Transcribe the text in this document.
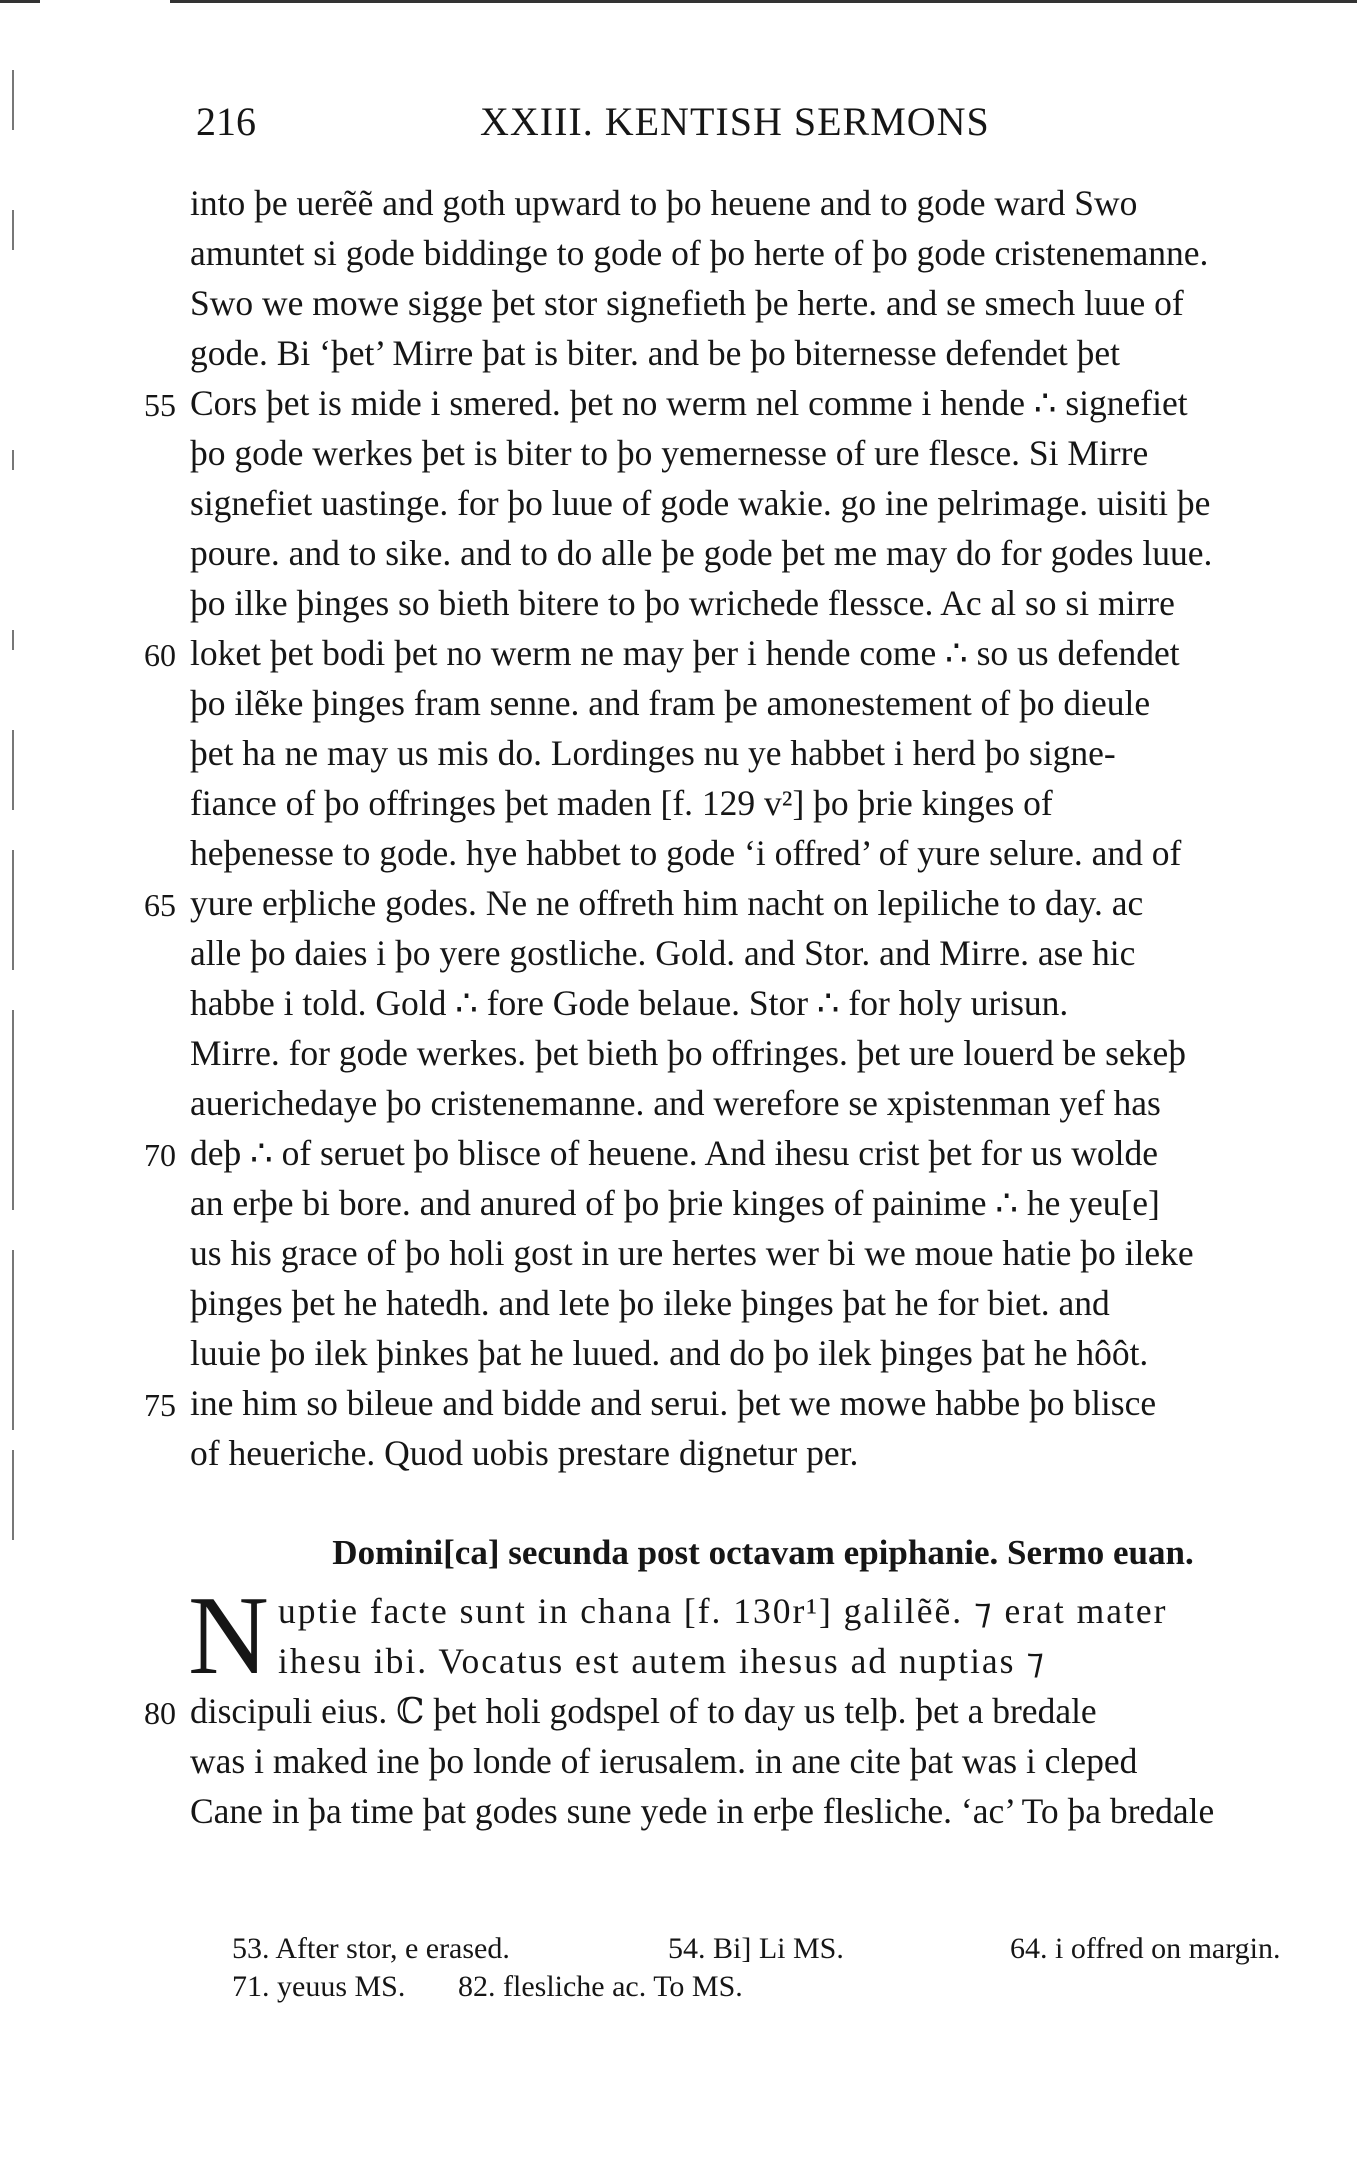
216	XXIII. KENTISH SERMONS
into þe uerẽẽ and goth upward to þo heuene and to gode ward Swo
amuntet si gode biddinge to gode of þo herte of þo gode cristenemanne.
Swo we mowe sigge þet stor signefieth þe herte. and se smech luue of
gode. Bi ‘þet’ Mirre þat is biter. and be þo biternesse defendet þet
55 Cors þet is mide i smered. þet no werm nel comme i hende ∴ signefiet
þo gode werkes þet is biter to þo yemernesse of ure flesce. Si Mirre
signefiet uastinge. for þo luue of gode wakie. go ine pelrimage. uisiti þe
poure. and to sike. and to do alle þe gode þet me may do for godes luue.
þo ilke þinges so bieth bitere to þo wrichede flessce. Ac al so si mirre
60 loket þet bodi þet no werm ne may þer i hende come ∴ so us defendet
þo ilẽke þinges fram senne. and fram þe amonestement of þo dieule
þet ha ne may us mis do. Lordinges nu ye habbet i herd þo signe-
fiance of þo offringes þet maden [f. 129 v²] þo þrie kinges of
heþenesse to gode. hye habbet to gode ‘i offred’ of yure selure. and of
65 yure erþliche godes. Ne ne offreth him nacht on lepiliche to day. ac
alle þo daies i þo yere gostliche. Gold. and Stor. and Mirre. ase hic
habbe i told. Gold ∴ fore Gode belaue. Stor ∴ for holy urisun.
Mirre. for gode werkes. þet bieth þo offringes. þet ure louerd be sekeþ
auerichedaye þo cristenemanne. and werefore se xpistenman yef has
70 deþ ∴ of seruet þo blisce of heuene. And ihesu crist þet for us wolde
an erþe bi bore. and anured of þo þrie kinges of painime ∴ he yeu[e]
us his grace of þo holi gost in ure hertes wer bi we moue hatie þo ileke
þinges þet he hatedh. and lete þo ileke þinges þat he for biet. and
luuie þo ilek þinkes þat he luued. and do þo ilek þinges þat he hôôt.
75 ine him so bileue and bidde and serui. þet we mowe habbe þo blisce
of heueriche. Quod uobis prestare dignetur per.
Domini[ca] secunda post octavam epiphanie. Sermo euan.
N uptie facte sunt in chana [f. 130r¹] galilẽẽ. ⁊ erat mater
ihesu ibi. Vocatus est autem ihesus ad nuptias ⁊
80 discipuli eius. ℂ þet holi godspel of to day us telþ. þet a bredale
was i maked ine þo londe of ierusalem. in ane cite þat was i cleped
Cane in þa time þat godes sune yede in erþe flesliche. ‘ac’ To þa bredale
53. After stor, e erased.	54. Bi] Li MS.	64. i offred on margin.
71. yeuus MS. 82. flesliche ac. To MS.
